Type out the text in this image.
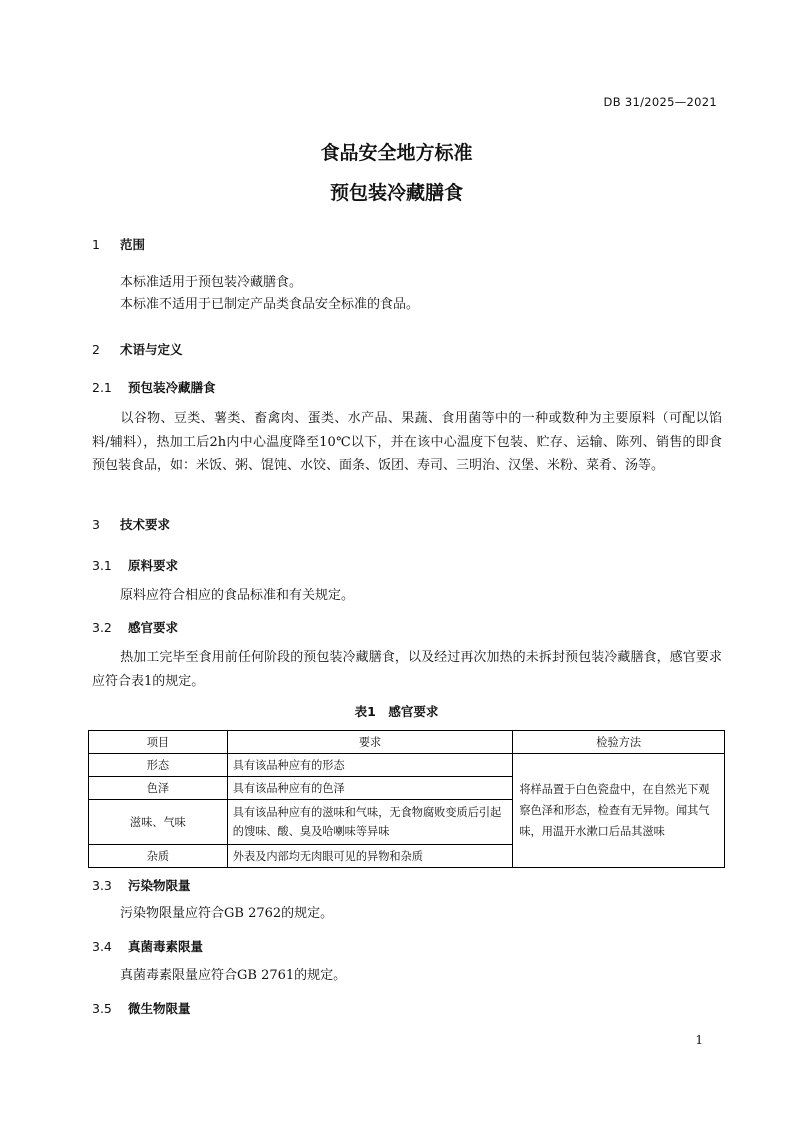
DB 31/2025—2021
食品安全地方标准
预包装冷藏膳食
1 范围
本标准适用于预包装冷藏膳食。
本标准不适用于已制定产品类食品安全标准的食品。
2 术语与定义
2.1 预包装冷藏膳食
以谷物、豆类、薯类、畜禽肉、蛋类、水产品、果蔬、食用菌等中的一种或数种为主要原料（可配以馅料/辅料），热加工后2h内中心温度降至10℃以下，并在该中心温度下包装、贮存、运输、陈列、销售的即食预包装食品，如：米饭、粥、馄饨、水饺、面条、饭团、寿司、三明治、汉堡、米粉、菜肴、汤等。
3 技术要求
3.1 原料要求
原料应符合相应的食品标准和有关规定。
3.2 感官要求
热加工完毕至食用前任何阶段的预包装冷藏膳食，以及经过再次加热的未拆封预包装冷藏膳食，感官要求应符合表1的规定。
表1　感官要求
项目	要求	检验方法
形态	具有该品种应有的形态	将样品置于白色瓷盘中，在自然光下观察色泽和形态，检查有无异物。闻其气味，用温开水漱口后品其滋味
色泽	具有该品种应有的色泽	
滋味、气味	具有该品种应有的滋味和气味，无食物腐败变质后引起的馊味、酸、臭及哈喇味等异味	
杂质	外表及内部均无肉眼可见的异物和杂质	
3.3 污染物限量
污染物限量应符合GB 2762的规定。
3.4 真菌毒素限量
真菌毒素限量应符合GB 2761的规定。
3.5 微生物限量
1
